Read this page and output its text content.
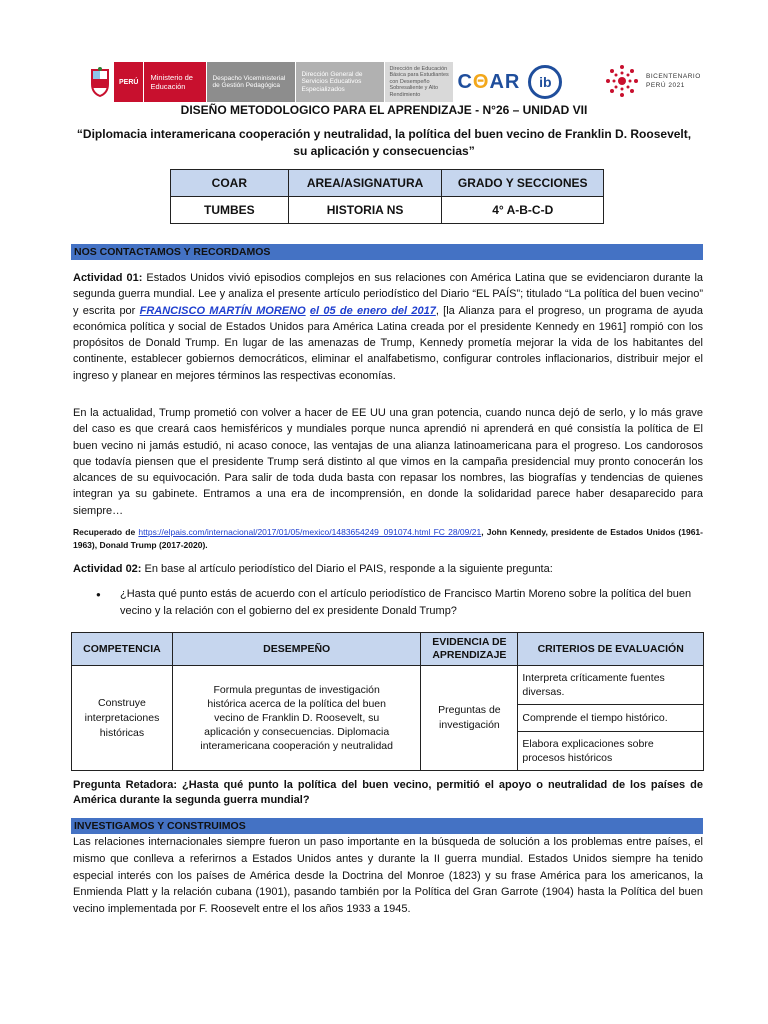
PERÚ	Ministerio de Educación
Despacho Viceministerial de Gestión Pedagógica
Dirección General de Servicios Educativos Especializados
Dirección de Educación Básica para Estudiantes con Desempeño Sobresaliente y Alto Rendimiento
CΘAR	ib	BICENTENARIO
PERÚ 2021
DISEÑO METODOLOGICO PARA EL APRENDIZAJE - N°26 – UNIDAD VII
“Diplomacia interamericana cooperación y neutralidad, la política del buen vecino de Franklin D. Roosevelt, su aplicación y consecuencias”
COAR	AREA/ASIGNATURA	GRADO Y SECCIONES
TUMBES	HISTORIA NS	4° A-B-C-D
NOS CONTACTAMOS Y RECORDAMOS

Actividad 01: Estados Unidos vivió episodios complejos en sus relaciones con América Latina que se evidenciaron durante la segunda guerra mundial. Lee y analiza el presente artículo periodístico del Diario “EL PAÍS”; titulado “La política del buen vecino” y escrita por FRANCISCO MARTÍN MORENO el 05 de enero del 2017, [la Alianza para el progreso, un programa de ayuda económica política y social de Estados Unidos para América Latina creada por el presidente Kennedy en 1961] rompió con los propósitos de Donald Trump. En lugar de las amenazas de Trump, Kennedy prometía mejorar la vida de los habitantes del continente, establecer gobiernos democráticos, eliminar el analfabetismo, configurar controles inflacionarios, distribuir mejor el ingreso y planear en mejores términos las respectivas economías.

En la actualidad, Trump prometió con volver a hacer de EE UU una gran potencia, cuando nunca dejó de serlo, y lo más grave del caso es que creará caos hemisféricos y mundiales porque nunca aprendió ni aprenderá en qué consistía la política de El buen vecino ni jamás estudió, ni acaso conoce, las ventajas de una alianza latinoamericana para el progreso. Los candorosos que todavía piensen que el presidente Trump será distinto al que vimos en la campaña presidencial muy pronto conocerán los alcances de su equivocación. Para salir de toda duda basta con repasar los nombres, las biografías y tendencias de quienes integran ya su gabinete. Entramos a una era de incomprensión, en donde la solidaridad parece haber desaparecido para siempre…

Recuperado de https://elpais.com/internacional/2017/01/05/mexico/1483654249_091074.html FC 28/09/21, John Kennedy, presidente de Estados Unidos (1961-1963), Donald Trump (2017-2020).

Actividad 02: En base al artículo periodístico del Diario el PAIS, responde a la siguiente pregunta:

●	¿Hasta qué punto estás de acuerdo con el artículo periodístico de Francisco Martin Moreno sobre la política del buen vecino y la relación con el gobierno del ex presidente Donald Trump?
COMPETENCIA	DESEMPEÑO	EVIDENCIA DE APRENDIZAJE	CRITERIOS DE EVALUACIÓN
Construye interpretaciones históricas	Formula preguntas de investigación histórica acerca de la política del buen vecino de Franklin D. Roosevelt, su aplicación y consecuencias. Diplomacia interamericana cooperación y neutralidad	Preguntas de investigación	Interpreta críticamente fuentes diversas.
			Comprende el tiempo histórico.
			Elabora explicaciones sobre procesos históricos

Pregunta Retadora: ¿Hasta qué punto la política del buen vecino, permitió el apoyo o neutralidad de los países de América durante la segunda guerra mundial?

INVESTIGAMOS Y CONSTRUIMOS

Las relaciones internacionales siempre fueron un paso importante en la búsqueda de solución a los problemas entre países, el mismo que conlleva a referirnos a Estados Unidos antes y durante la II guerra mundial. Estados Unidos siempre ha tenido especial interés con los países de América desde la Doctrina del Monroe (1823) y su frase América para los americanos, la Enmienda Platt y la relación cubana (1901), pasando también por la Política del Gran Garrote (1904) hasta la Política del buen vecino implementada por F. Roosevelt entre el los años 1933 a 1945.
